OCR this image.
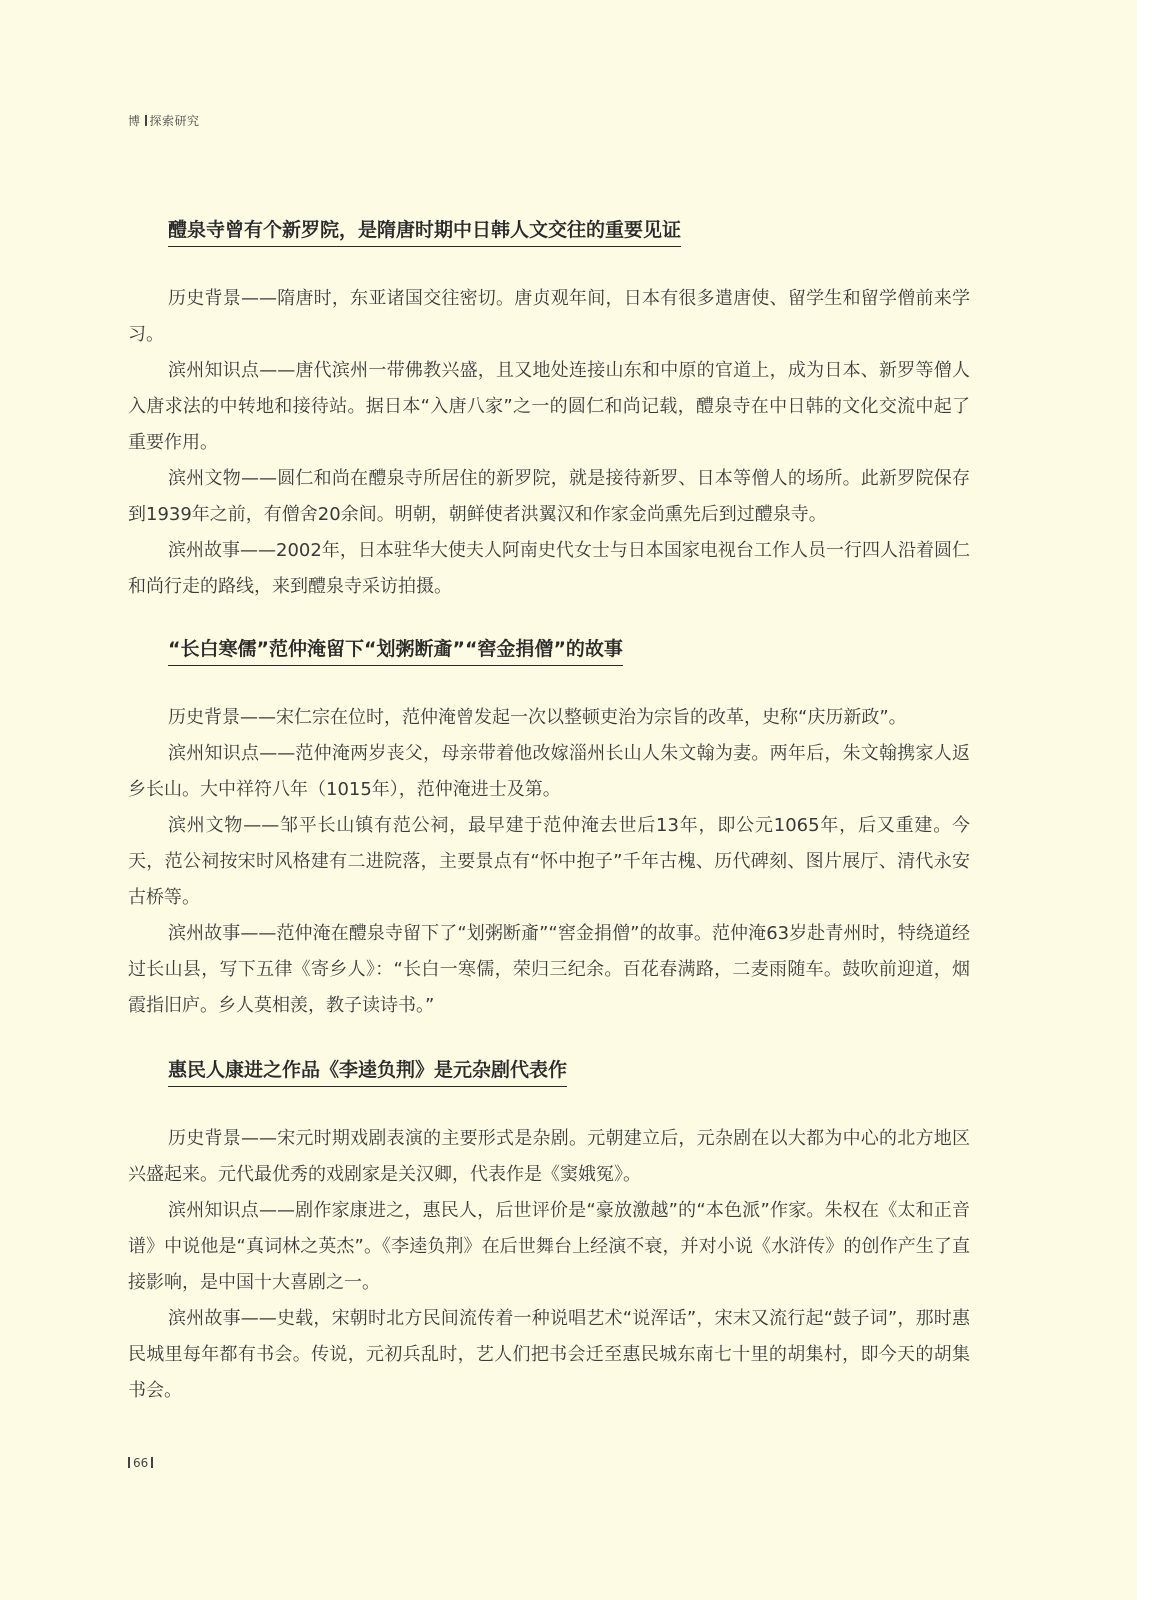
博 探索研究
醴泉寺曾有个新罗院，是隋唐时期中日韩人文交往的重要见证

历史背景——隋唐时，东亚诸国交往密切。唐贞观年间，日本有很多遣唐使、留学生和留学僧前来学习。

滨州知识点——唐代滨州一带佛教兴盛，且又地处连接山东和中原的官道上，成为日本、新罗等僧人入唐求法的中转地和接待站。据日本“入唐八家”之一的圆仁和尚记载，醴泉寺在中日韩的文化交流中起了重要作用。

滨州文物——圆仁和尚在醴泉寺所居住的新罗院，就是接待新罗、日本等僧人的场所。此新罗院保存到1939年之前，有僧舍20余间。明朝，朝鲜使者洪翼汉和作家金尚熏先后到过醴泉寺。

滨州故事——2002年，日本驻华大使夫人阿南史代女士与日本国家电视台工作人员一行四人沿着圆仁和尚行走的路线，来到醴泉寺采访拍摄。

“长白寒儒”范仲淹留下“划粥断齑”“窖金捐僧”的故事

历史背景——宋仁宗在位时，范仲淹曾发起一次以整顿吏治为宗旨的改革，史称“庆历新政”。

滨州知识点——范仲淹两岁丧父，母亲带着他改嫁淄州长山人朱文翰为妻。两年后，朱文翰携家人返乡长山。大中祥符八年（1015年），范仲淹进士及第。

滨州文物——邹平长山镇有范公祠，最早建于范仲淹去世后13年，即公元1065年，后又重建。今天，范公祠按宋时风格建有二进院落，主要景点有“怀中抱子”千年古槐、历代碑刻、图片展厅、清代永安古桥等。

滨州故事——范仲淹在醴泉寺留下了“划粥断齑”“窖金捐僧”的故事。范仲淹63岁赴青州时，特绕道经过长山县，写下五律《寄乡人》：“长白一寒儒，荣归三纪余。百花春满路，二麦雨随车。鼓吹前迎道，烟霞指旧庐。乡人莫相羡，教子读诗书。”

惠民人康进之作品《李逵负荆》是元杂剧代表作

历史背景——宋元时期戏剧表演的主要形式是杂剧。元朝建立后，元杂剧在以大都为中心的北方地区兴盛起来。元代最优秀的戏剧家是关汉卿，代表作是《窦娥冤》。

滨州知识点——剧作家康进之，惠民人，后世评价是“豪放激越”的“本色派”作家。朱权在《太和正音谱》中说他是“真词林之英杰”。《李逵负荆》在后世舞台上经演不衰，并对小说《水浒传》的创作产生了直接影响，是中国十大喜剧之一。

滨州故事——史载，宋朝时北方民间流传着一种说唱艺术“说浑话”，宋末又流行起“鼓子词”，那时惠民城里每年都有书会。传说，元初兵乱时，艺人们把书会迁至惠民城东南七十里的胡集村，即今天的胡集书会。

66
